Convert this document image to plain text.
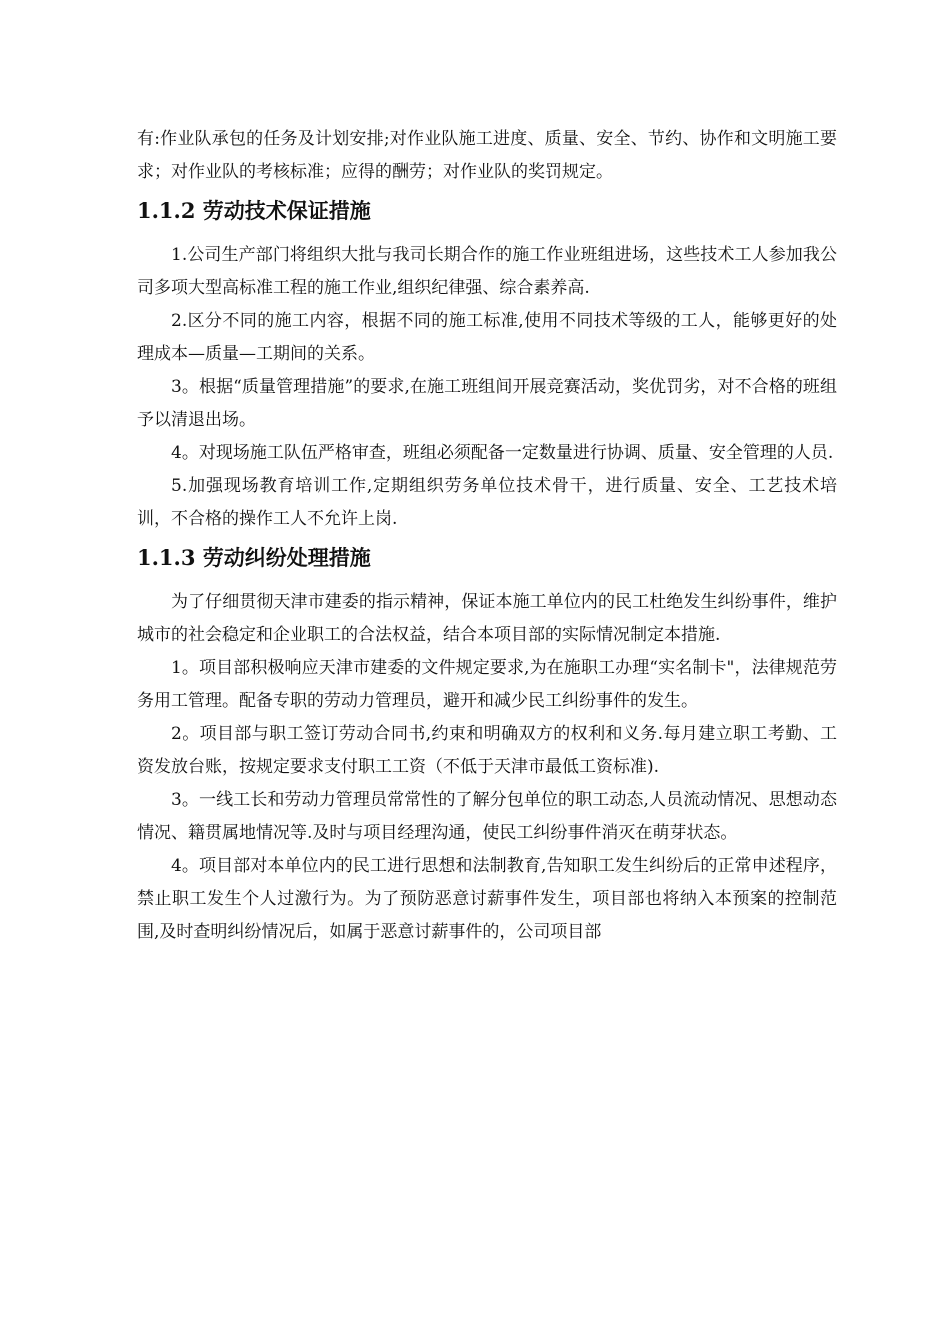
有:作业队承包的任务及计划安排;对作业队施工进度、质量、安全、节约、协作和文明施工要求；对作业队的考核标准；应得的酬劳；对作业队的奖罚规定。

1.1.2 劳动技术保证措施

1.公司生产部门将组织大批与我司长期合作的施工作业班组进场，这些技术工人参加我公司多项大型高标准工程的施工作业,组织纪律强、综合素养高.

2.区分不同的施工内容，根据不同的施工标准,使用不同技术等级的工人，能够更好的处理成本—质量—工期间的关系。

3。根据“质量管理措施”的要求,在施工班组间开展竞赛活动，奖优罚劣，对不合格的班组予以清退出场。

4。对现场施工队伍严格审查，班组必须配备一定数量进行协调、质量、安全管理的人员.

5.加强现场教育培训工作,定期组织劳务单位技术骨干，进行质量、安全、工艺技术培训，不合格的操作工人不允许上岗.

1.1.3 劳动纠纷处理措施

为了仔细贯彻天津市建委的指示精神，保证本施工单位内的民工杜绝发生纠纷事件，维护城市的社会稳定和企业职工的合法权益，结合本项目部的实际情况制定本措施.

1。项目部积极响应天津市建委的文件规定要求,为在施职工办理“实名制卡"，法律规范劳务用工管理。配备专职的劳动力管理员，避开和减少民工纠纷事件的发生。

2。项目部与职工签订劳动合同书,约束和明确双方的权利和义务.每月建立职工考勤、工资发放台账，按规定要求支付职工工资（不低于天津市最低工资标准).

3。一线工长和劳动力管理员常常性的了解分包单位的职工动态,人员流动情况、思想动态情况、籍贯属地情况等.及时与项目经理沟通，使民工纠纷事件消灭在萌芽状态。

4。项目部对本单位内的民工进行思想和法制教育,告知职工发生纠纷后的正常申述程序，禁止职工发生个人过激行为。为了预防恶意讨薪事件发生，项目部也将纳入本预案的控制范围,及时查明纠纷情况后，如属于恶意讨薪事件的，公司项目部
